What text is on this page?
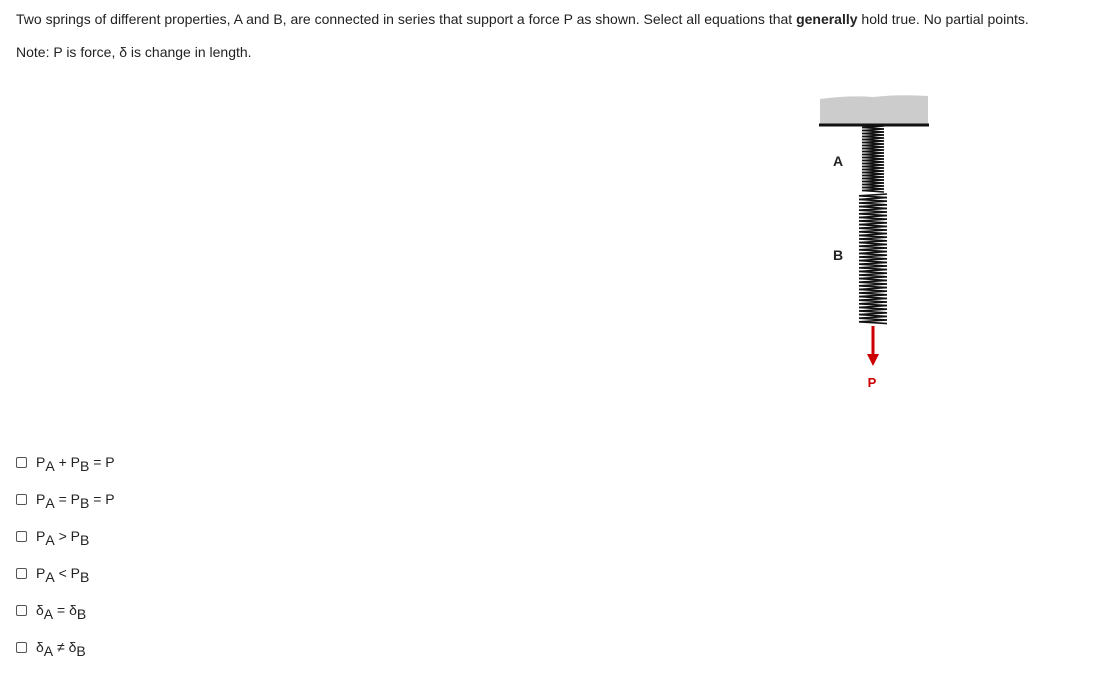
Two springs of different properties, A and B, are connected in series that support a force P as shown. Select all equations that generally hold true. No partial points.
Note: P is force, δ is change in length.
A
B
P
$P_A + P_B = P$
$P_A = P_B = P$
$P_A > P_B$
$P_A < P_B$
$\delta_A = \delta_B$
$\delta_A \ne \delta_B$
